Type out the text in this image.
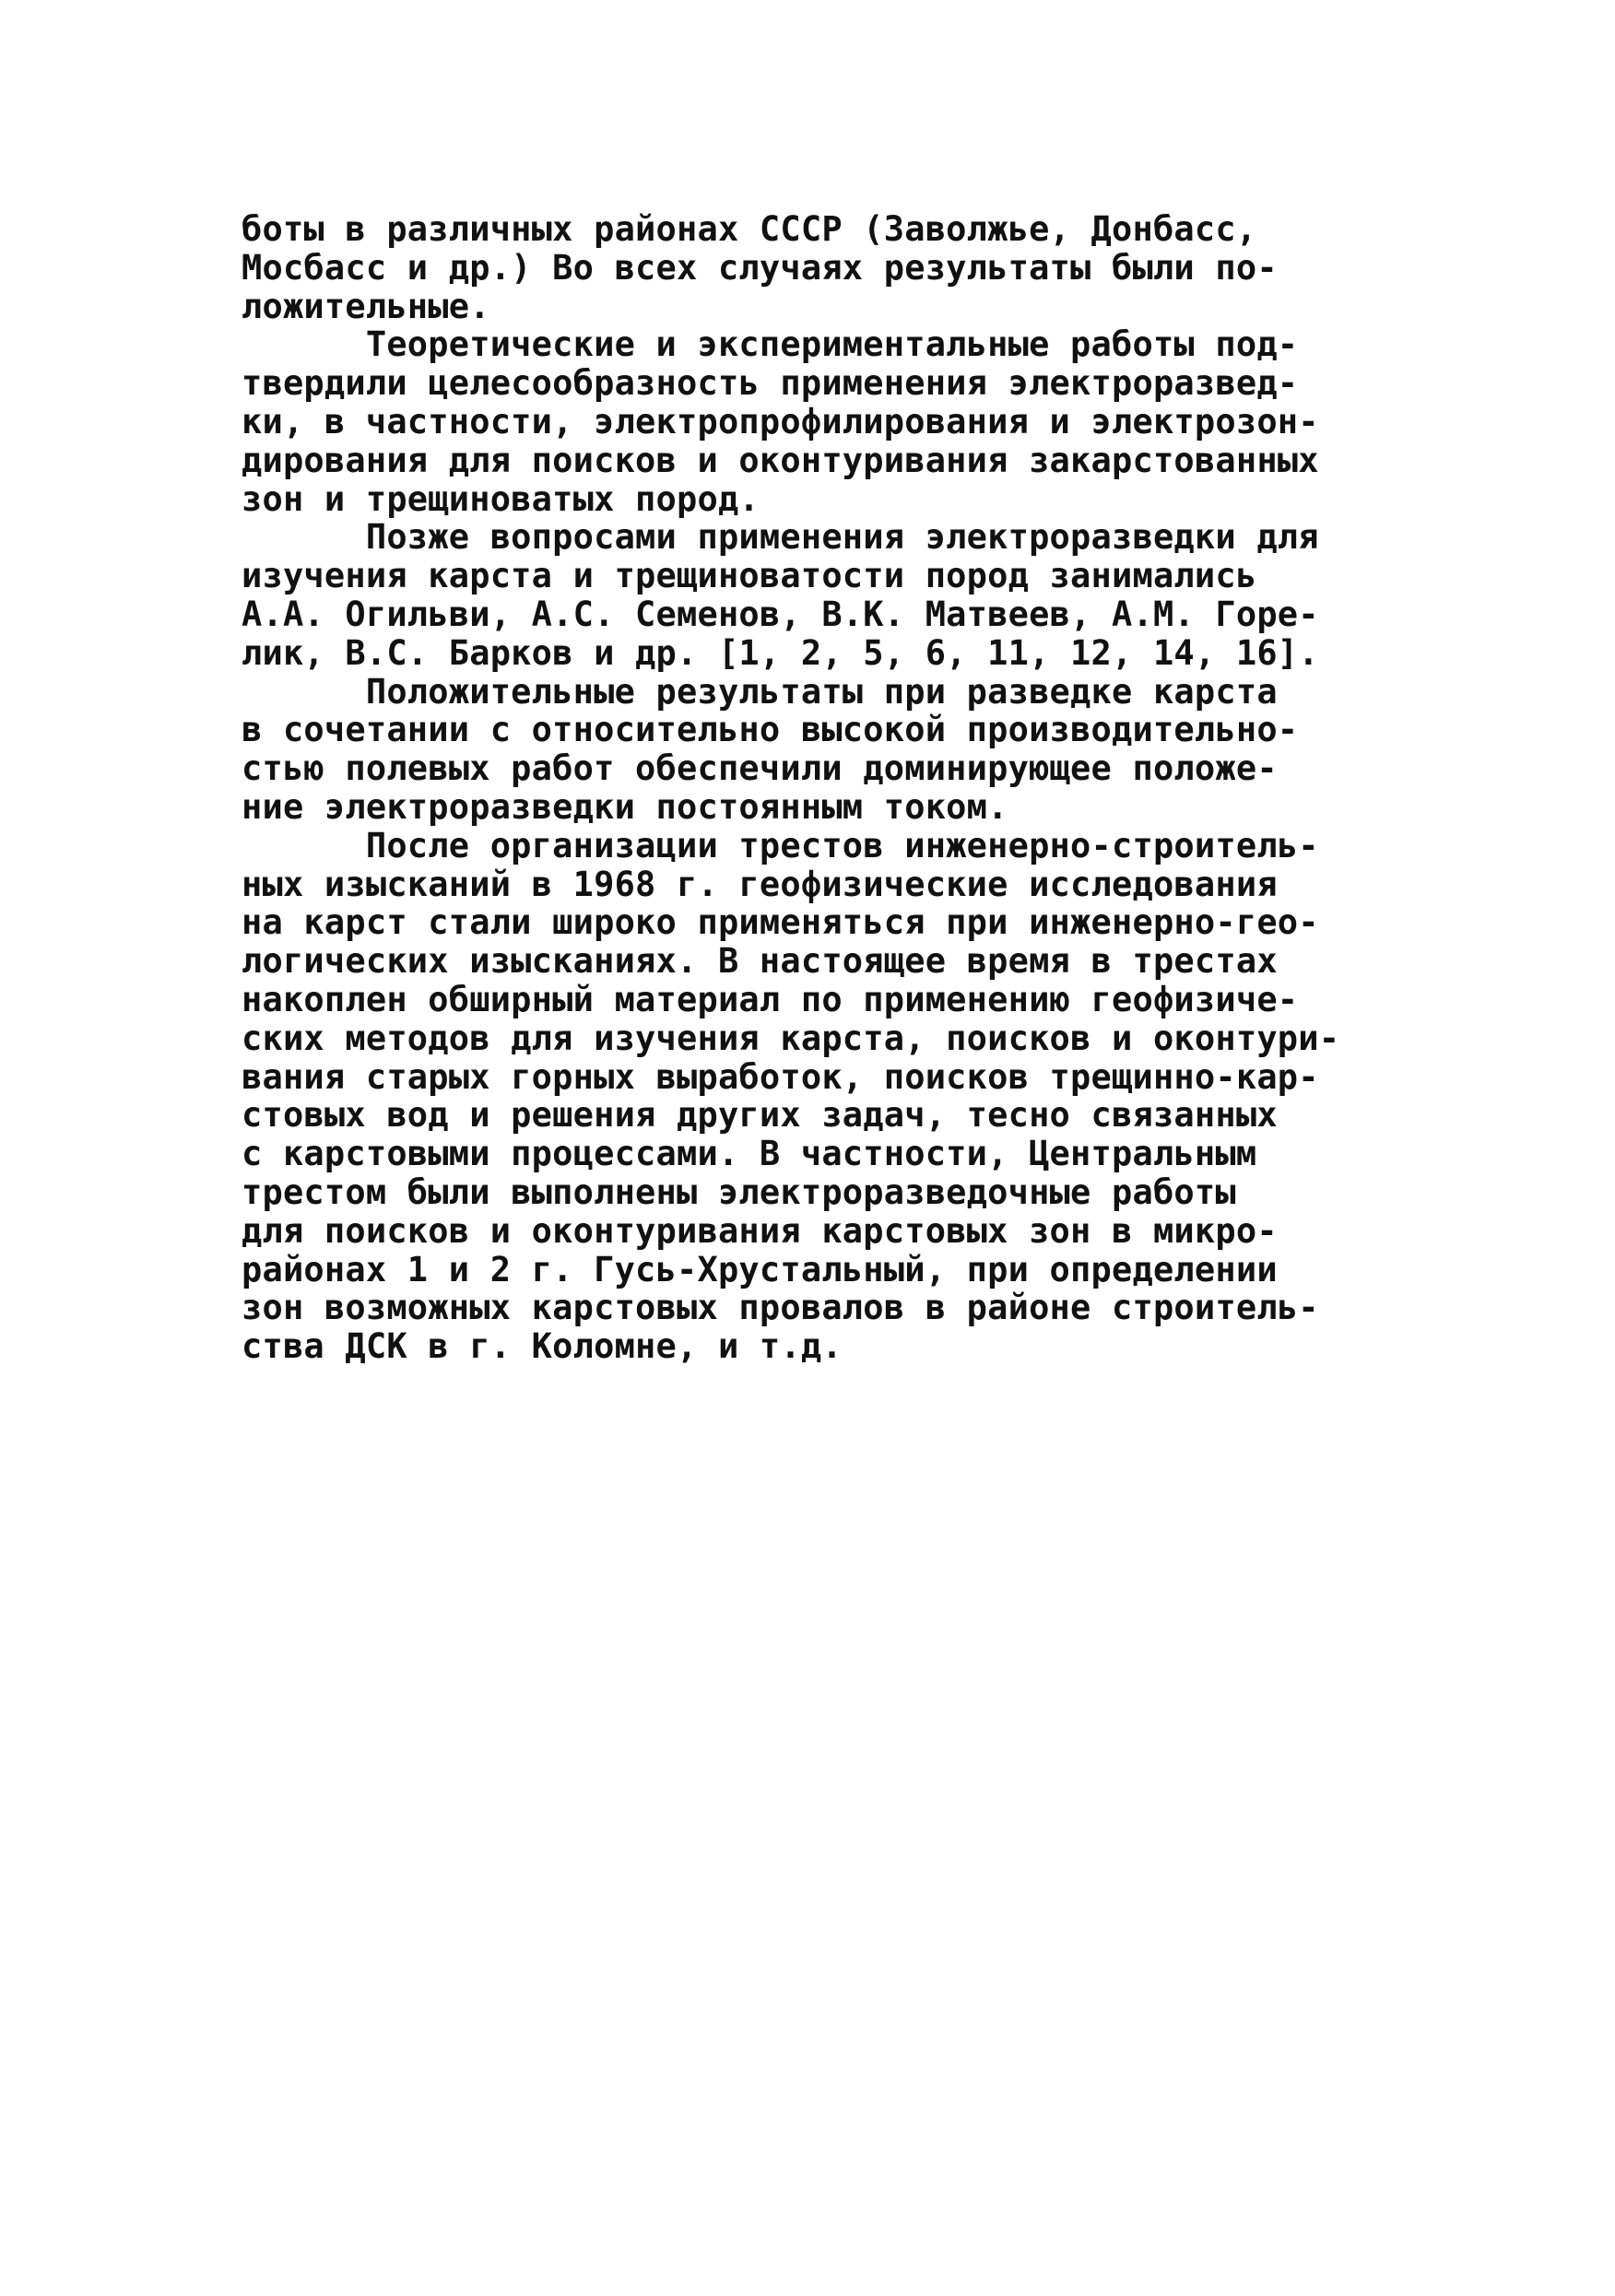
боты в различных районах СССР (Заволжье, Донбасс,
Мосбасс и др.) Во всех случаях результаты были по-
ложительные.
Теоретические и экспериментальные работы под-
твердили целесообразность применения электроразвед-
ки, в частности, электропрофилирования и электрозон-
дирования для поисков и оконтуривания закарстованных
зон и трещиноватых пород.
Позже вопросами применения электроразведки для
изучения карста и трещиноватости пород занимались
А.А. Огильви, А.С. Семенов, В.К. Матвеев, А.М. Горе-
лик, В.С. Барков и др. [1, 2, 5, 6, 11, 12, 14, 16].
Положительные результаты при разведке карста
в сочетании с относительно высокой производительно-
стью полевых работ обеспечили доминирующее положе-
ние электроразведки постоянным током.
После организации трестов инженерно-строитель-
ных изысканий в 1968 г. геофизические исследования
на карст стали широко применяться при инженерно-гео-
логических изысканиях. В настоящее время в трестах
накоплен обширный материал по применению геофизиче-
ских методов для изучения карста, поисков и оконтури-
вания старых горных выработок, поисков трещинно-кар-
стовых вод и решения других задач, тесно связанных
с карстовыми процессами. В частности, Центральным
трестом были выполнены электроразведочные работы
для поисков и оконтуривания карстовых зон в микро-
районах 1 и 2 г. Гусь-Хрустальный, при определении
зон возможных карстовых провалов в районе строитель-
ства ДСК в г. Коломне, и т.д.
